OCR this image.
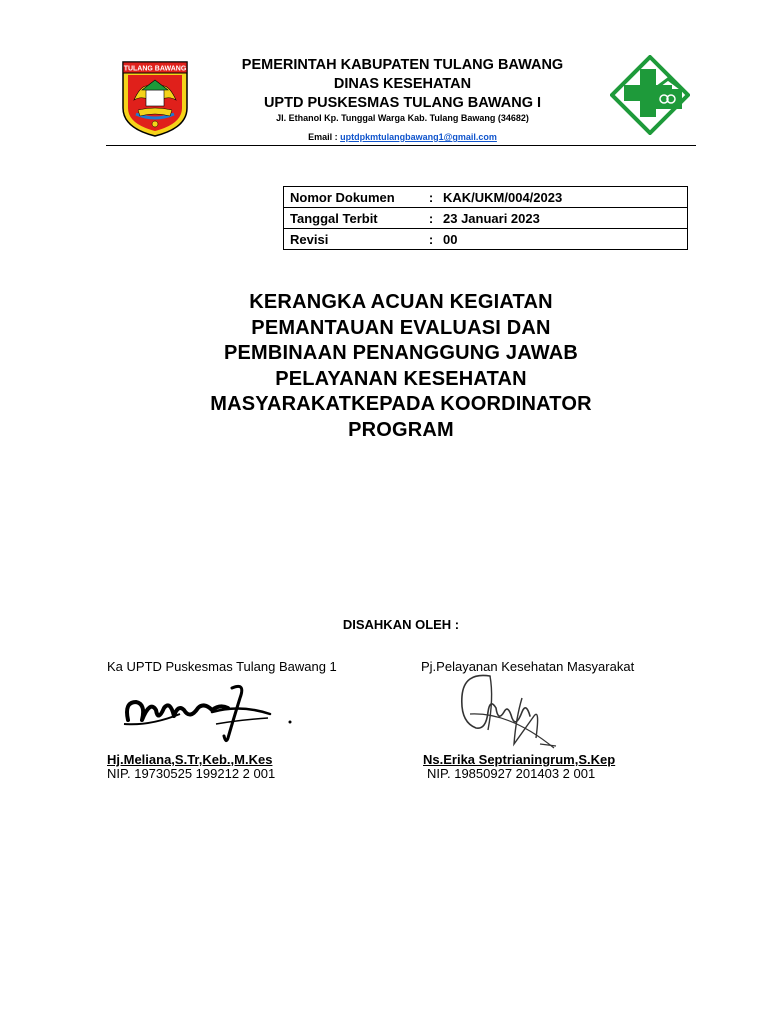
TULANG BAWANG	PEMERINTAH KABUPATEN TULANG BAWANG
DINAS KESEHATAN
UPTD PUSKESMAS TULANG BAWANG I
Jl. Ethanol Kp. Tunggal Warga Kab. Tulang Bawang (34682)
Email : uptdpkmtulangbawang1@gmail.com
Nomor Dokumen	:	KAK/UKM/004/2023
Tanggal Terbit	:	23 Januari 2023
Revisi	:	00
KERANGKA ACUAN KEGIATAN
PEMANTAUAN EVALUASI DAN
PEMBINAAN PENANGGUNG JAWAB
PELAYANAN KESEHATAN
MASYARAKATKEPADA KOORDINATOR
PROGRAM
DISAHKAN OLEH :
Ka UPTD Puskesmas Tulang Bawang 1	Pj.Pelayanan Kesehatan Masyarakat
Hj.Meliana,S.Tr,Keb.,M.Kes	Ns.Erika Septrianingrum,S.Kep
NIP. 19730525 199212 2 001	NIP. 19850927 201403 2 001
